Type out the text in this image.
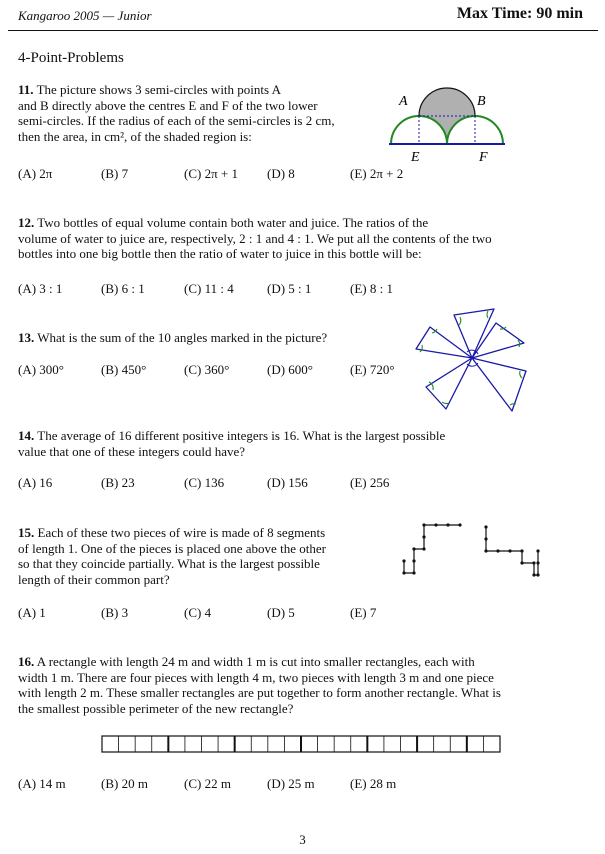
Kangaroo 2005 — Junior	Max Time: 90 min
4-Point-Problems
11. The picture shows 3 semi-circles with points A
and B directly above the centres E and F of the two lower
semi-circles. If the radius of each of the semi-circles is 2 cm,
then the area, in cm², of the shaded region is:
(A) 2π	(B) 7	(C) 2π + 1	(D) 8	(E) 2π + 2
A	B
E	F
12. Two bottles of equal volume contain both water and juice. The ratios of the
volume of water to juice are, respectively, 2 : 1 and 4 : 1. We put all the contents of the two
bottles into one big bottle then the ratio of water to juice in this bottle will be:
(A) 3 : 1	(B) 6 : 1	(C) 11 : 4	(D) 5 : 1	(E) 8 : 1
13. What is the sum of the 10 angles marked in the picture?
(A) 300°	(B) 450°	(C) 360°	(D) 600°	(E) 720°
14. The average of 16 different positive integers is 16. What is the largest possible
value that one of these integers could have?
(A) 16	(B) 23	(C) 136	(D) 156	(E) 256
15. Each of these two pieces of wire is made of 8 segments
of length 1. One of the pieces is placed one above the other
so that they coincide partially. What is the largest possible
length of their common part?
(A) 1	(B) 3	(C) 4	(D) 5	(E) 7
16. A rectangle with length 24 m and width 1 m is cut into smaller rectangles, each with
width 1 m. There are four pieces with length 4 m, two pieces with length 3 m and one piece
with length 2 m. These smaller rectangles are put together to form another rectangle. What is
the smallest possible perimeter of the new rectangle?
(A) 14 m	(B) 20 m	(C) 22 m	(D) 25 m	(E) 28 m
3
